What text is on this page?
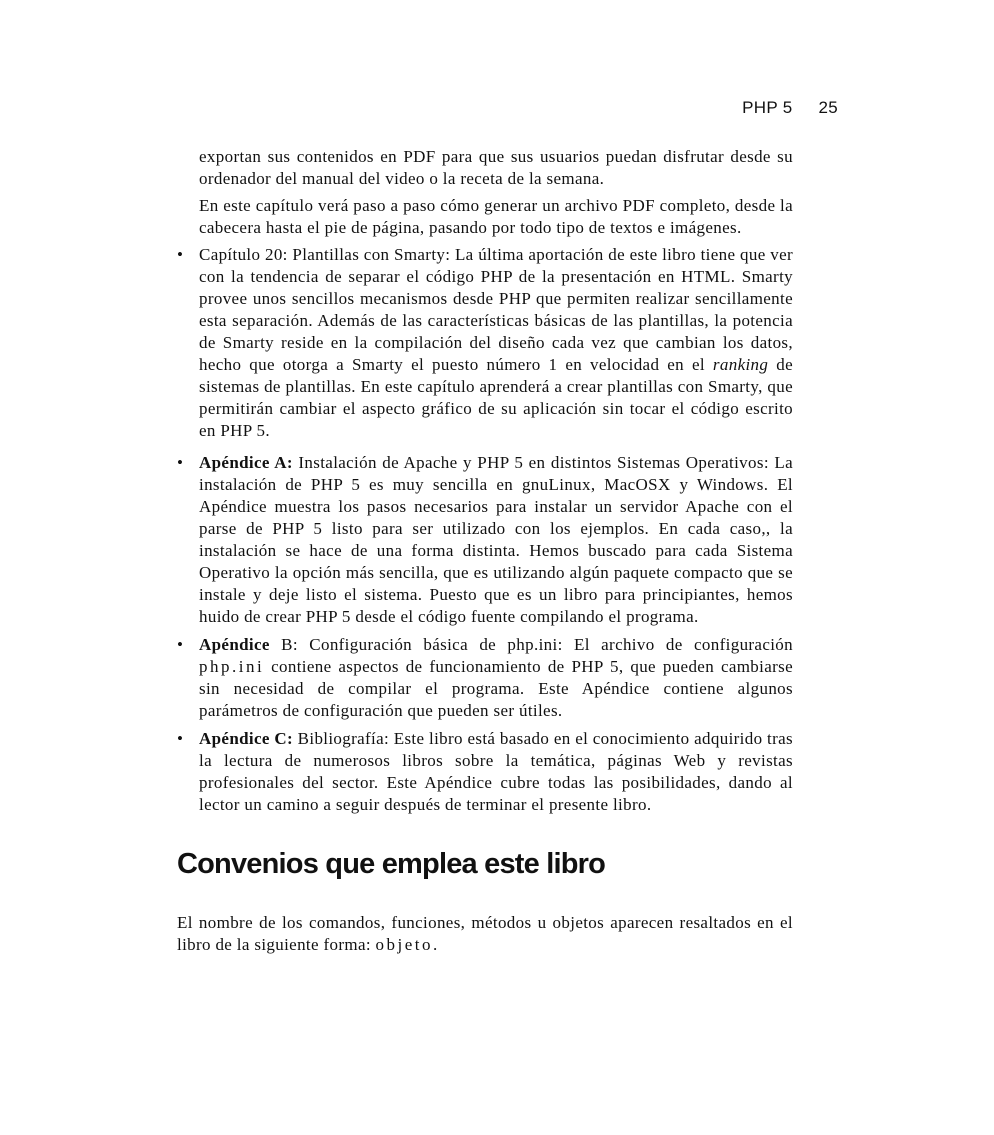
PHP 5 25

exportan sus contenidos en PDF para que sus usuarios puedan disfrutar desde su ordenador del manual del video o la receta de la semana.

En este capítulo verá paso a paso cómo generar un archivo PDF completo, desde la cabecera hasta el pie de página, pasando por todo tipo de textos e imágenes.

• Capítulo 20: Plantillas con Smarty: La última aportación de este libro tiene que ver con la tendencia de separar el código PHP de la presentación en HTML. Smarty provee unos sencillos mecanismos desde PHP que permiten realizar sencillamente esta separación. Además de las características básicas de las plantillas, la potencia de Smarty reside en la compilación del diseño cada vez que cambian los datos, hecho que otorga a Smarty el puesto número 1 en velocidad en el ranking de sistemas de plantillas. En este capítulo aprenderá a crear plantillas con Smarty, que permitirán cambiar el aspecto gráfico de su aplicación sin tocar el código escrito en PHP 5.
• Apéndice A: Instalación de Apache y PHP 5 en distintos Sistemas Operativos: La instalación de PHP 5 es muy sencilla en gnuLinux, MacOSX y Windows. El Apéndice muestra los pasos necesarios para instalar un servidor Apache con el parse de PHP 5 listo para ser utilizado con los ejemplos. En cada caso,, la instalación se hace de una forma distinta. Hemos buscado para cada Sistema Operativo la opción más sencilla, que es utilizando algún paquete compacto que se instale y deje listo el sistema. Puesto que es un libro para principiantes, hemos huido de crear PHP 5 desde el código fuente compilando el programa.
• Apéndice B: Configuración básica de php.ini: El archivo de configuración php.ini contiene aspectos de funcionamiento de PHP 5, que pueden cambiarse sin necesidad de compilar el programa. Este Apéndice contiene algunos parámetros de configuración que pueden ser útiles.
• Apéndice C: Bibliografía: Este libro está basado en el conocimiento adquirido tras la lectura de numerosos libros sobre la temática, páginas Web y revistas profesionales del sector. Este Apéndice cubre todas las posibilidades, dando al lector un camino a seguir después de terminar el presente libro.
Convenios que emplea este libro

El nombre de los comandos, funciones, métodos u objetos aparecen resaltados en el libro de la siguiente forma: objeto.
